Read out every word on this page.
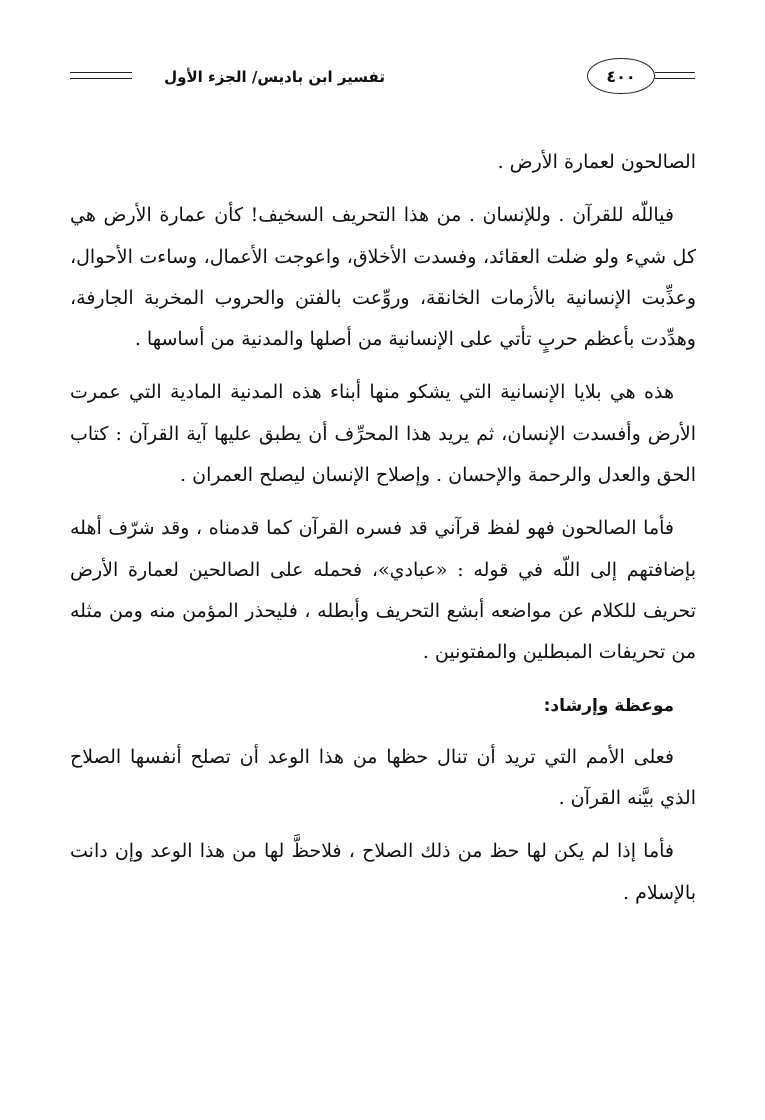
تفسير ابن باديس/ الجزء الأول	٤٠٠

الصالحون لعمارة الأرض .

فياللّه للقرآن . وللإنسان . من هذا التحريف السخيف! كأن عمارة الأرض هي كل شيء ولو ضلت العقائد، وفسدت الأخلاق، واعوجت الأعمال، وساءت الأحوال، وعذِّبت الإنسانية بالأزمات الخانقة، وروِّعت بالفتن والحروب المخربة الجارفة، وهدِّدت بأعظم حربٍ تأتي على الإنسانية من أصلها والمدنية من أساسها .

هذه هي بلايا الإنسانية التي يشكو منها أبناء هذه المدنية المادية التي عمرت الأرض وأفسدت الإنسان، ثم يريد هذا المحرِّف أن يطبق عليها آية القرآن : كتاب الحق والعدل والرحمة والإحسان . وإصلاح الإنسان ليصلح العمران .

فأما الصالحون فهو لفظ قرآني قد فسره القرآن كما قدمناه ، وقد شرّف أهله بإضافتهم إلى اللّه في قوله : «عبادي»، فحمله على الصالحين لعمارة الأرض تحريف للكلام عن مواضعه أبشع التحريف وأبطله ، فليحذر المؤمن منه ومن مثله من تحريفات المبطلين والمفتونين .

موعظة وإرشاد:

فعلى الأمم التي تريد أن تنال حظها من هذا الوعد أن تصلح أنفسها الصلاح الذي بيَّنه القرآن .

فأما إذا لم يكن لها حظ من ذلك الصلاح ، فلاحظَّ لها من هذا الوعد وإن دانت بالإسلام .
